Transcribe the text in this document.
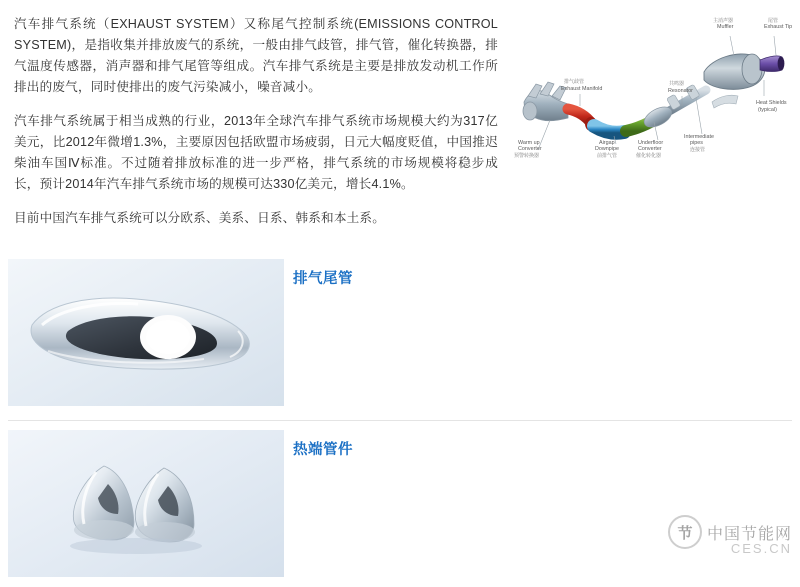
汽车排气系统（EXHAUST SYSTEM）又称尾气控制系统(EMISSIONS CONTROL SYSTEM)，是指收集并排放废气的系统，一般由排气歧管，排气管，催化转换器，排气温度传感器，消声器和排气尾管等组成。汽车排气系统是主要是排放发动机工作所排出的废气，同时使排出的废气污染减小，噪音减小。

汽车排气系统属于相当成熟的行业，2013年全球汽车排气系统市场规模大约为317亿美元，比2012年微增1.3%，主要原因包括欧盟市场疲弱，日元大幅度贬值，中国推迟柴油车国Ⅳ标准。不过随着排放标准的进一步严格，排气系统的市场规模将稳步成长，预计2014年汽车排气系统市场的规模可达330亿美元，增长4.1%。

目前中国汽车排气系统可以分欧系、美系、日系、韩系和本土系。

Muffler
主消声器
Exhaust Tip
尾管
Heat Shields
(typical)
Resonator
共鸣器
Exhaust Manifold
排气歧管
Intermediate
pipes
连接管
Underfloor
Converter
催化转化器
Airgap
Downpipe
前排气管
Warm up
Converter
预警转换器
排气尾管
热端管件
节 中国节能网
CES.CN
